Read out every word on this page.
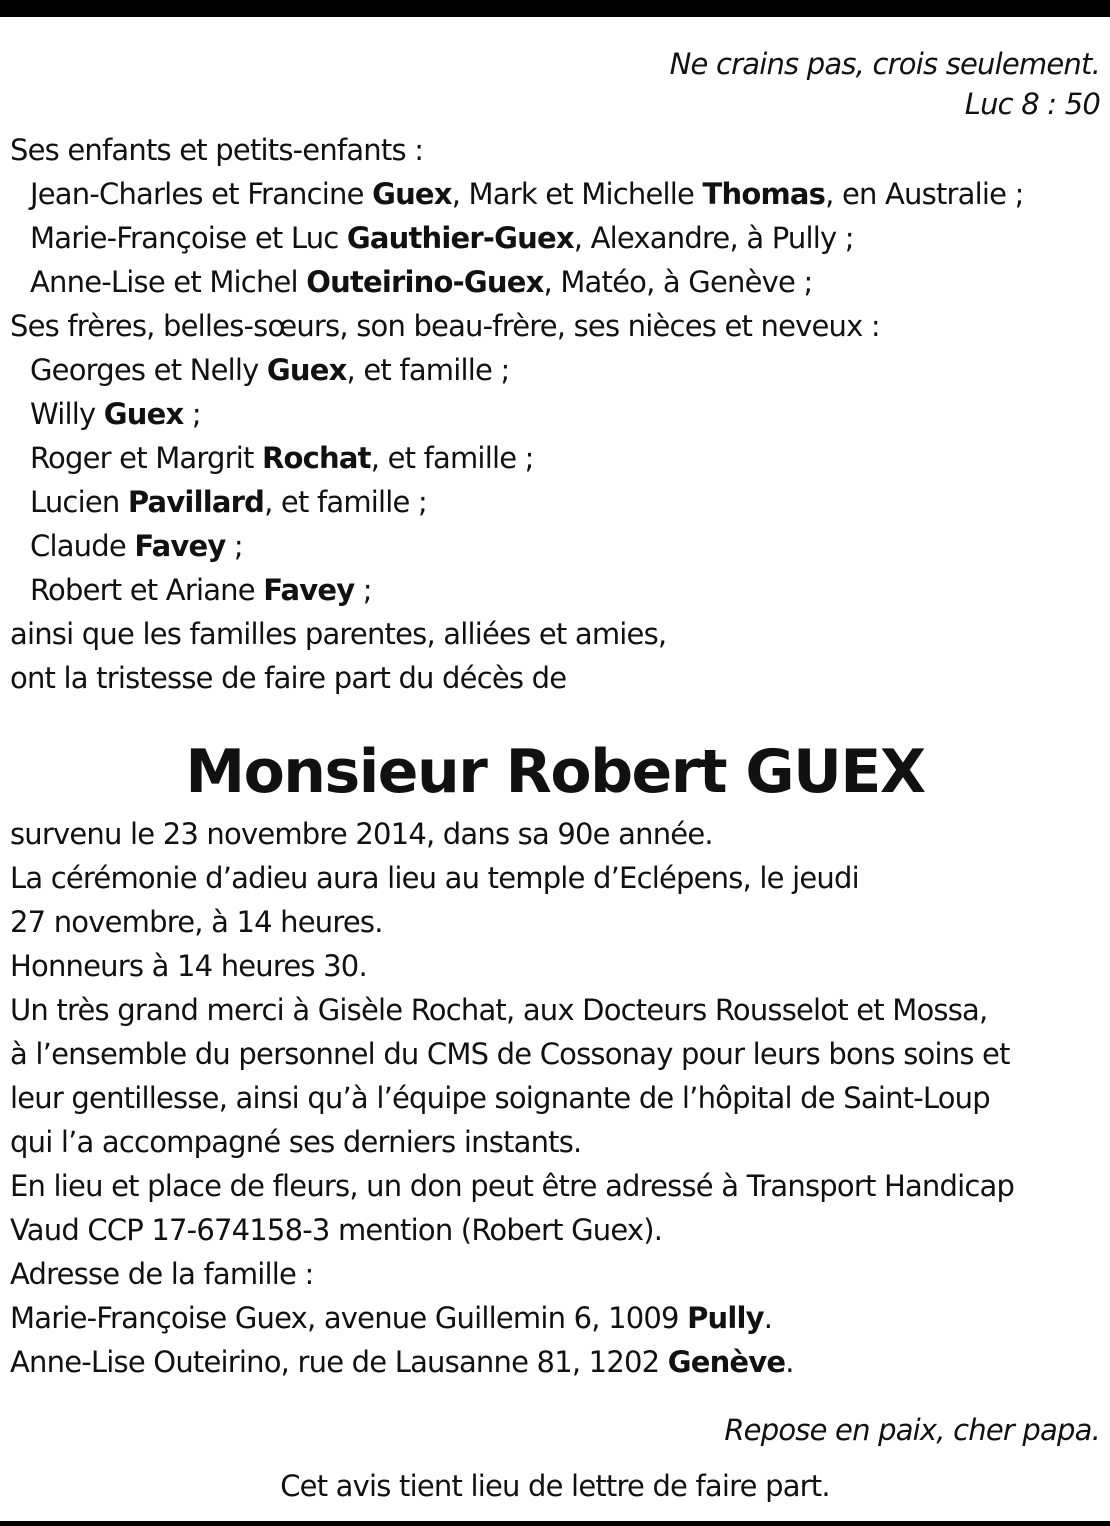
Ne crains pas, crois seulement.
Luc 8 : 50
Ses enfants et petits-enfants :
Jean-Charles et Francine Guex, Mark et Michelle Thomas, en Australie ;
Marie-Françoise et Luc Gauthier-Guex, Alexandre, à Pully ;
Anne-Lise et Michel Outeirino-Guex, Matéo, à Genève ;
Ses frères, belles-sœurs, son beau-frère, ses nièces et neveux :
Georges et Nelly Guex, et famille ;
Willy Guex ;
Roger et Margrit Rochat, et famille ;
Lucien Pavillard, et famille ;
Claude Favey ;
Robert et Ariane Favey ;
ainsi que les familles parentes, alliées et amies,
ont la tristesse de faire part du décès de
Monsieur Robert GUEX
survenu le 23 novembre 2014, dans sa 90e année.
La cérémonie d’adieu aura lieu au temple d’Eclépens, le jeudi
27 novembre, à 14 heures.
Honneurs à 14 heures 30.
Un très grand merci à Gisèle Rochat, aux Docteurs Rousselot et Mossa,
à l’ensemble du personnel du CMS de Cossonay pour leurs bons soins et
leur gentillesse, ainsi qu’à l’équipe soignante de l’hôpital de Saint-Loup
qui l’a accompagné ses derniers instants.
En lieu et place de fleurs, un don peut être adressé à Transport Handicap
Vaud CCP 17-674158-3 mention (Robert Guex).
Adresse de la famille :
Marie-Françoise Guex, avenue Guillemin 6, 1009 Pully.
Anne-Lise Outeirino, rue de Lausanne 81, 1202 Genève.
Repose en paix, cher papa.
Cet avis tient lieu de lettre de faire part.
